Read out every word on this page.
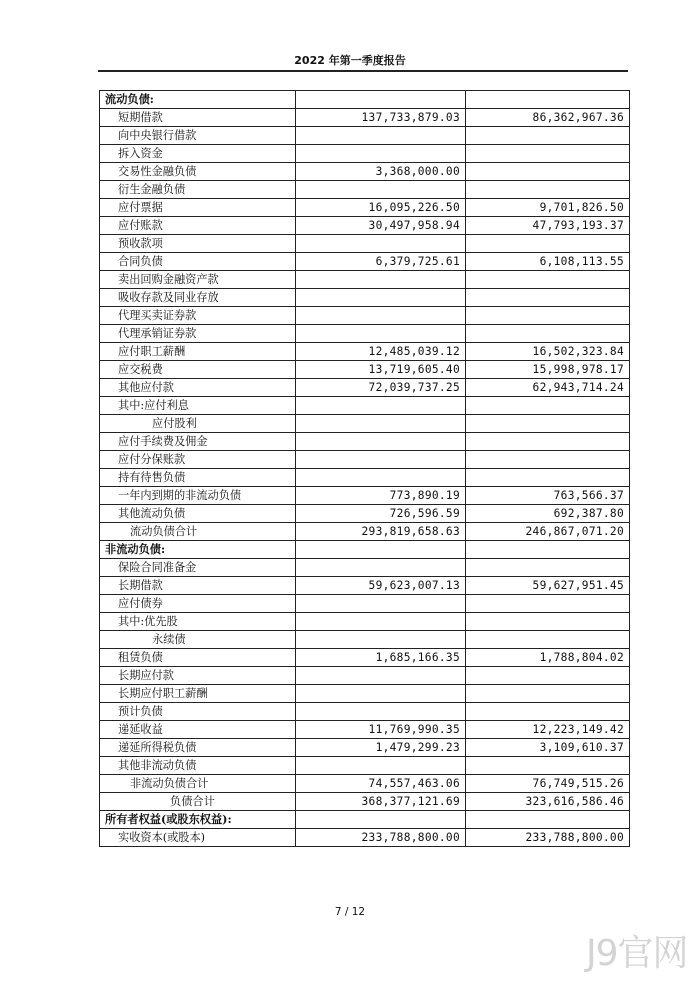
2022 年第一季度报告
流动负债:		
短期借款	137,733,879.03	86,362,967.36
向中央银行借款		
拆入资金		
交易性金融负债	3,368,000.00	
衍生金融负债		
应付票据	16,095,226.50	9,701,826.50
应付账款	30,497,958.94	47,793,193.37
预收款项		
合同负债	6,379,725.61	6,108,113.55
卖出回购金融资产款		
吸收存款及同业存放		
代理买卖证券款		
代理承销证券款		
应付职工薪酬	12,485,039.12	16,502,323.84
应交税费	13,719,605.40	15,998,978.17
其他应付款	72,039,737.25	62,943,714.24
其中:应付利息		
应付股利		
应付手续费及佣金		
应付分保账款		
持有待售负债		
一年内到期的非流动负债	773,890.19	763,566.37
其他流动负债	726,596.59	692,387.80
流动负债合计	293,819,658.63	246,867,071.20
非流动负债:		
保险合同准备金		
长期借款	59,623,007.13	59,627,951.45
应付债券		
其中:优先股		
永续债		
租赁负债	1,685,166.35	1,788,804.02
长期应付款		
长期应付职工薪酬		
预计负债		
递延收益	11,769,990.35	12,223,149.42
递延所得税负债	1,479,299.23	3,109,610.37
其他非流动负债		
非流动负债合计	74,557,463.06	76,749,515.26
负债合计	368,377,121.69	323,616,586.46
所有者权益(或股东权益):		
实收资本(或股本)	233,788,800.00	233,788,800.00
7 / 12
J9官网
